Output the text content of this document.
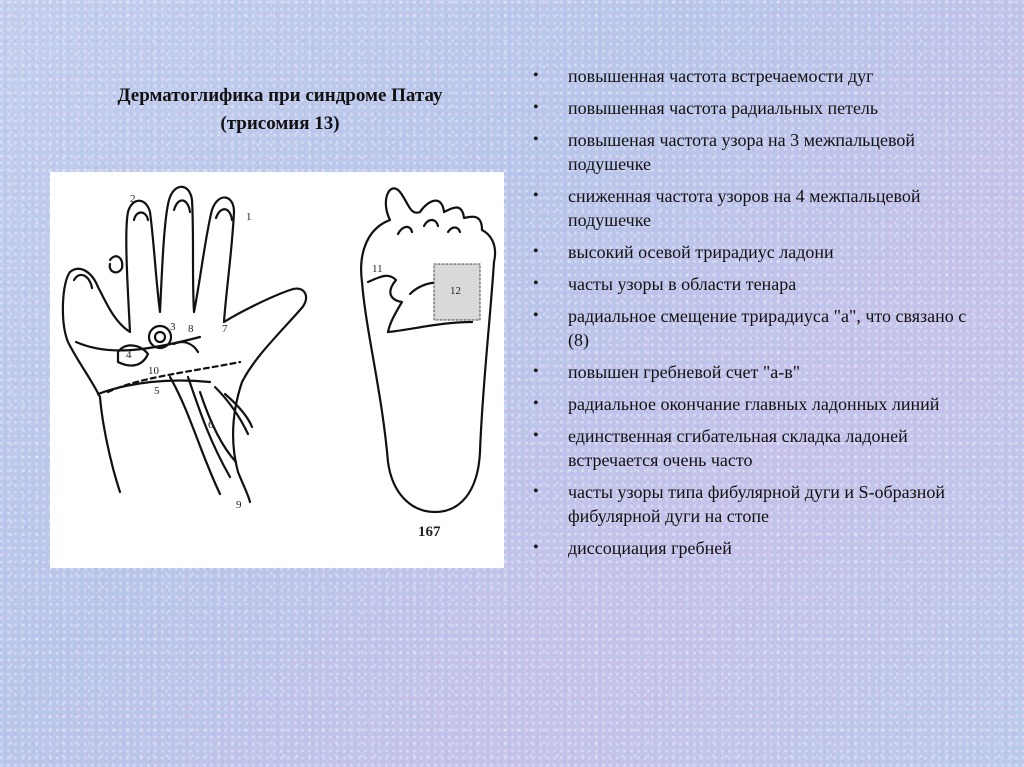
Дерматоглифика при синдроме Патау
(трисомия 13)
1
2
3
4
5
6
7
8
9
10
11
12
167
• повышенная частота встречаемости дуг
• повышенная частота радиальных петель
• повышеная частота узора на 3 межпальцевой подушечке
• сниженная частота узоров на 4 межпальцевой подушечке
• высокий осевой трирадиус ладони
• часты узоры в области тенара
• радиальное смещение трирадиуса "а", что связано с (8)
• повышен гребневой счет "а-в"
• радиальное окончание главных ладонных линий
• единственная сгибательная складка ладоней встречается очень часто
• часты узоры типа фибулярной дуги и S-образной фибулярной дуги на стопе
• диссоциация гребней
